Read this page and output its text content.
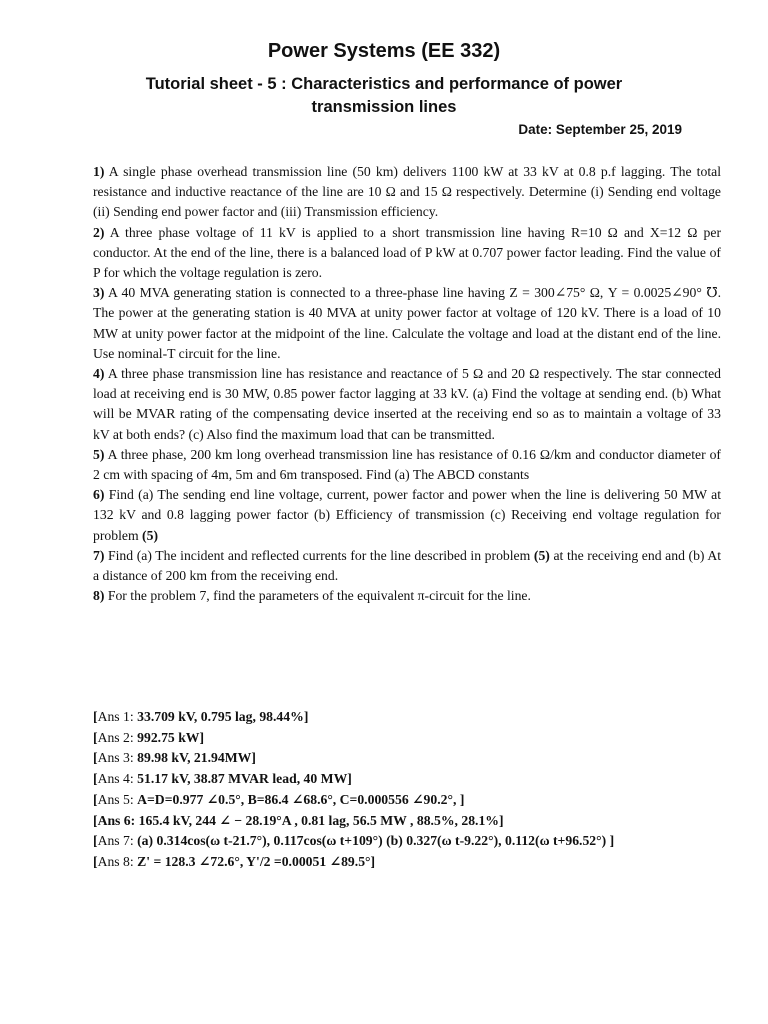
Power Systems (EE 332)
Tutorial sheet - 5 : Characteristics and performance of power transmission lines
Date: September 25, 2019

1) A single phase overhead transmission line (50 km) delivers 1100 kW at 33 kV at 0.8 p.f lagging. The total resistance and inductive reactance of the line are 10 Ω and 15 Ω respectively. Determine (i) Sending end voltage (ii) Sending end power factor and (iii) Transmission efficiency.

2) A three phase voltage of 11 kV is applied to a short transmission line having R=10 Ω and X=12 Ω per conductor. At the end of the line, there is a balanced load of P kW at 0.707 power factor leading. Find the value of P for which the voltage regulation is zero.

3) A 40 MVA generating station is connected to a three-phase line having Z = 300∠75° Ω, Y = 0.0025∠90° ℧. The power at the generating station is 40 MVA at unity power factor at voltage of 120 kV. There is a load of 10 MW at unity power factor at the midpoint of the line. Calculate the voltage and load at the distant end of the line. Use nominal-T circuit for the line.

4) A three phase transmission line has resistance and reactance of 5 Ω and 20 Ω respectively. The star connected load at receiving end is 30 MW, 0.85 power factor lagging at 33 kV. (a) Find the voltage at sending end. (b) What will be MVAR rating of the compensating device inserted at the receiving end so as to maintain a voltage of 33 kV at both ends? (c) Also find the maximum load that can be transmitted.

5) A three phase, 200 km long overhead transmission line has resistance of 0.16 Ω/km and conductor diameter of 2 cm with spacing of 4m, 5m and 6m transposed. Find (a) The ABCD constants

6) Find (a) The sending end line voltage, current, power factor and power when the line is delivering 50 MW at 132 kV and 0.8 lagging power factor (b) Efficiency of transmission (c) Receiving end voltage regulation for problem (5)

7) Find (a) The incident and reflected currents for the line described in problem (5) at the receiving end and (b) At a distance of 200 km from the receiving end.

8) For the problem 7, find the parameters of the equivalent π-circuit for the line.

[Ans 1: 33.709 kV, 0.795 lag, 98.44%]

[Ans 2: 992.75 kW]

[Ans 3: 89.98 kV, 21.94MW]

[Ans 4: 51.17 kV, 38.87 MVAR lead, 40 MW]

[Ans 5: A=D=0.977 ∠0.5°, B=86.4 ∠68.6°, C=0.000556 ∠90.2°, ]

[Ans 6: 165.4 kV, 244 ∠ − 28.19°A , 0.81 lag, 56.5 MW , 88.5%, 28.1%]

[Ans 7: (a) 0.314cos(ω t-21.7°), 0.117cos(ω t+109°) (b) 0.327(ω t-9.22°), 0.112(ω t+96.52°) ]

[Ans 8: Z' = 128.3 ∠72.6°, Y'/2 =0.00051 ∠89.5°]
